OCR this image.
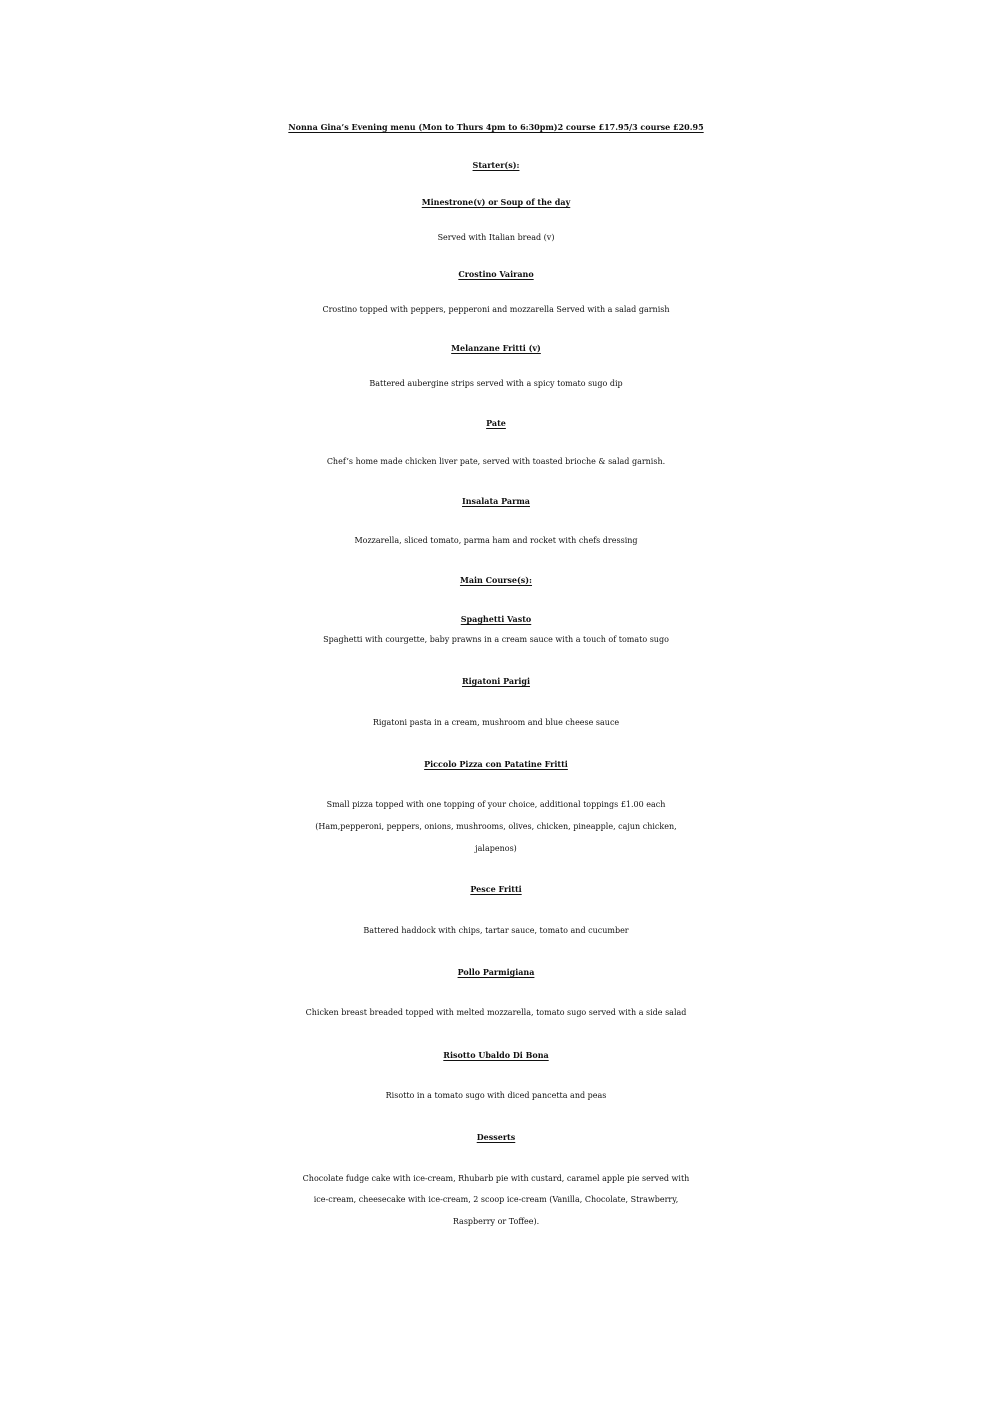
Nonna Gina’s Evening menu (Mon to Thurs 4pm to 6:30pm)2 course £17.95/3 course £20.95
Starter(s):
Minestrone(v) or Soup of the day
Served with Italian bread (v)
Crostino Vairano
Crostino topped with peppers, pepperoni and mozzarella Served with a salad garnish
Melanzane Fritti (v)
Battered aubergine strips served with a spicy tomato sugo dip
Pate
Chef’s home made chicken liver pate, served with toasted brioche & salad garnish.
Insalata Parma
Mozzarella, sliced tomato, parma ham and rocket with chefs dressing
Main Course(s):
Spaghetti Vasto
Spaghetti with courgette, baby prawns in a cream sauce with a touch of tomato sugo
Rigatoni Parigi
Rigatoni pasta in a cream, mushroom and blue cheese sauce
Piccolo Pizza con Patatine Fritti
Small pizza topped with one topping of your choice, additional toppings £1.00 each
(Ham,pepperoni, peppers, onions, mushrooms, olives, chicken, pineapple, cajun chicken,
jalapenos)
Pesce Fritti
Battered haddock with chips, tartar sauce, tomato and cucumber
Pollo Parmigiana
Chicken breast breaded topped with melted mozzarella, tomato sugo served with a side salad
Risotto Ubaldo Di Bona
Risotto in a tomato sugo with diced pancetta and peas
Desserts
Chocolate fudge cake with ice-cream, Rhubarb pie with custard, caramel apple pie served with
ice-cream, cheesecake with ice-cream, 2 scoop ice-cream (Vanilla, Chocolate, Strawberry,
Raspberry or Toffee).
